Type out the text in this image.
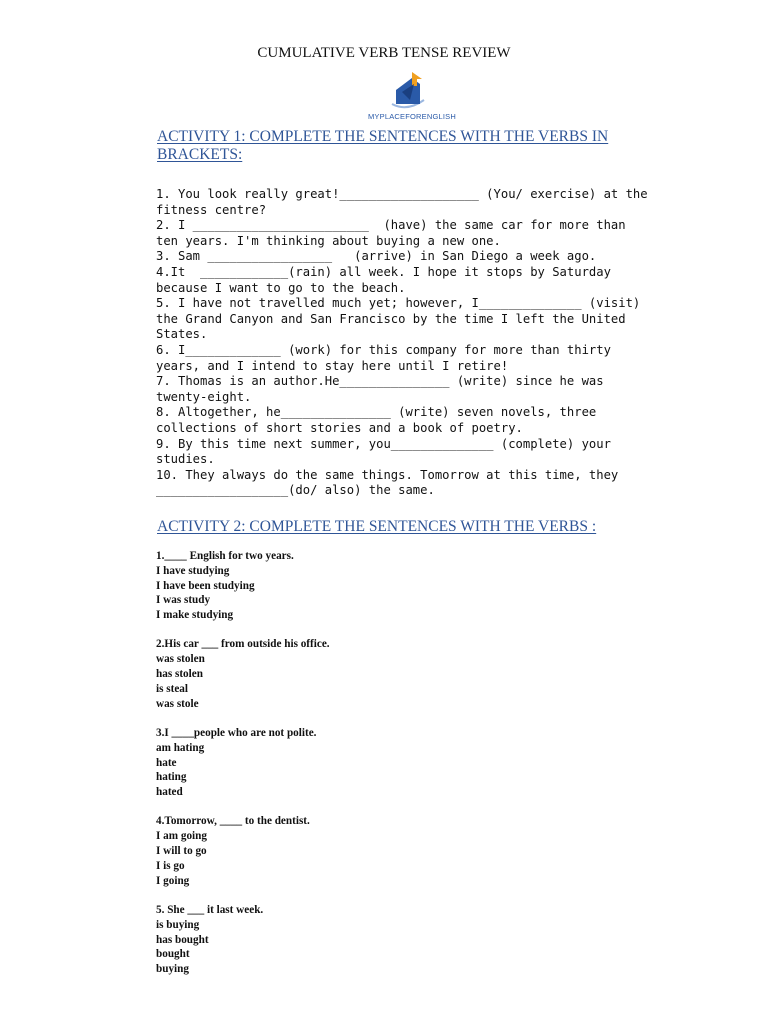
CUMULATIVE VERB TENSE REVIEW
MYPLACEFORENGLISH
ACTIVITY 1: COMPLETE THE SENTENCES WITH THE VERBS IN
BRACKETS:
1. You look really great!___________________ (You/ exercise) at the
fitness centre?
2. I ________________________  (have) the same car for more than
ten years. I'm thinking about buying a new one.
3. Sam _________________   (arrive) in San Diego a week ago.
4.It  ____________(rain) all week. I hope it stops by Saturday
because I want to go to the beach.
5. I have not travelled much yet; however, I______________ (visit)
the Grand Canyon and San Francisco by the time I left the United
States.
6. I_____________ (work) for this company for more than thirty
years, and I intend to stay here until I retire!
7. Thomas is an author.He_______________ (write) since he was
twenty-eight.
8. Altogether, he_______________ (write) seven novels, three
collections of short stories and a book of poetry.
9. By this time next summer, you______________ (complete) your
studies.
10. They always do the same things. Tomorrow at this time, they
__________________(do/ also) the same.
ACTIVITY 2: COMPLETE THE SENTENCES WITH THE VERBS :
1.____ English for two years.
I have studying
I have been studying
I was study
I make studying
2.His car ___ from outside his office.
was stolen
has stolen
is steal
was stole
3.I ____people who are not polite.
am hating
hate
hating
hated
4.Tomorrow, ____ to the dentist.
I am going
I will to go
I is go
I going
5. She ___ it last week.
is buying
has bought
bought
buying
